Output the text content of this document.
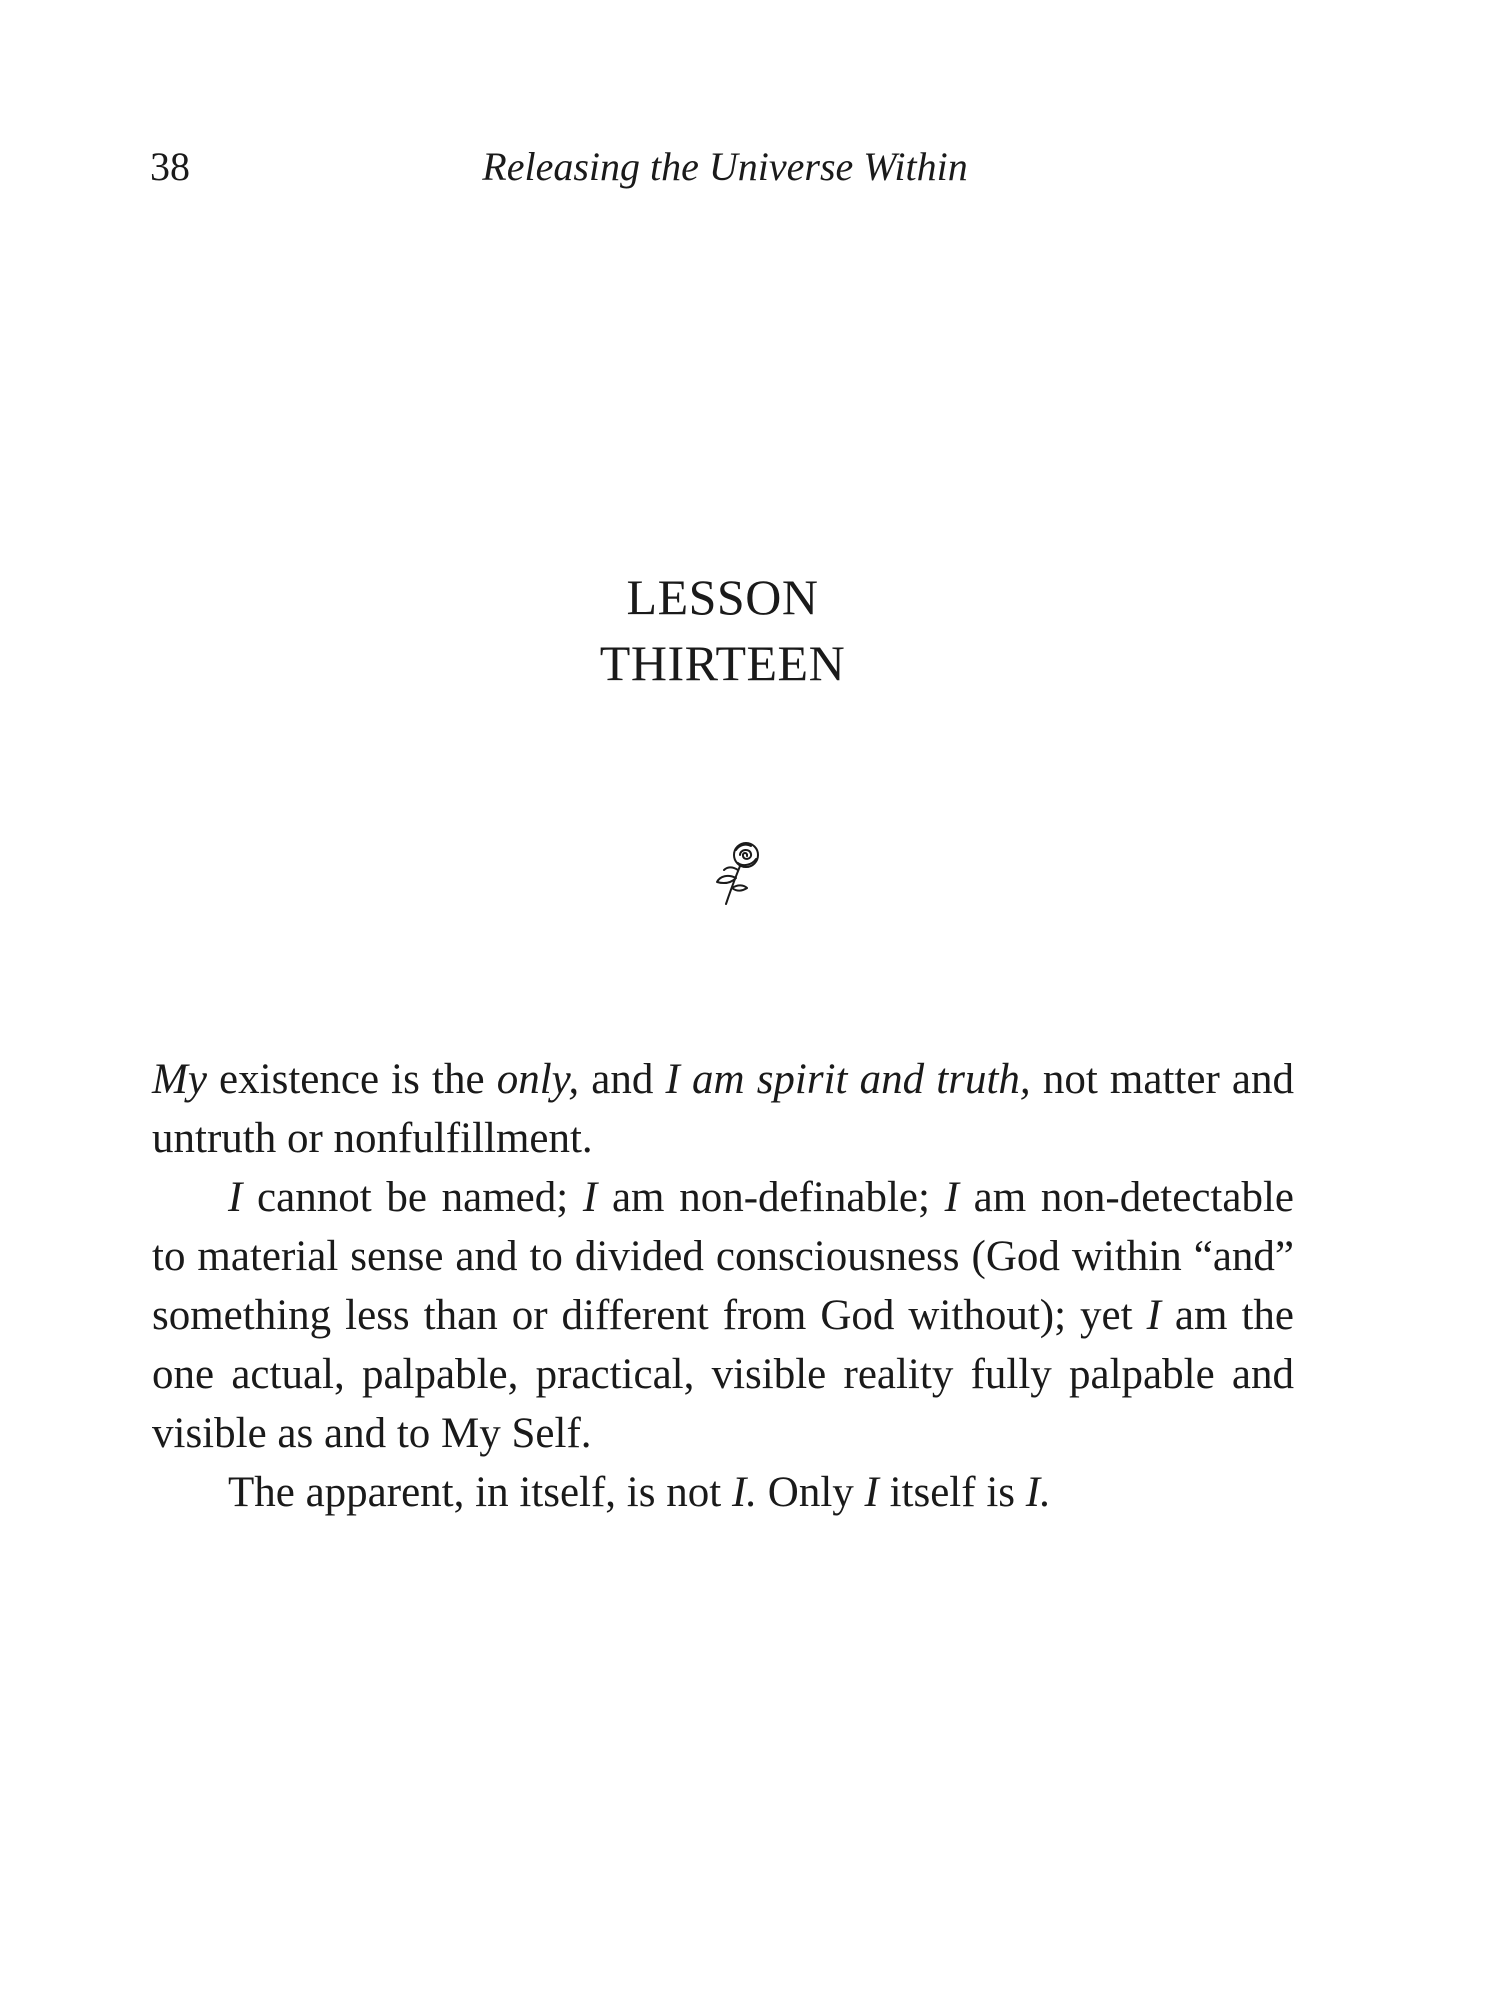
38	Releasing the Universe Within
LESSON
THIRTEEN

My existence is the only, and I am spirit and truth, not matter and untruth or nonfulfillment.

I cannot be named; I am non-definable; I am non-detectable to material sense and to divided consciousness (God within “and” something less than or different from God without); yet I am the one actual, palpable, practical, visible reality fully palpable and visible as and to My Self.

The apparent, in itself, is not I. Only I itself is I.
